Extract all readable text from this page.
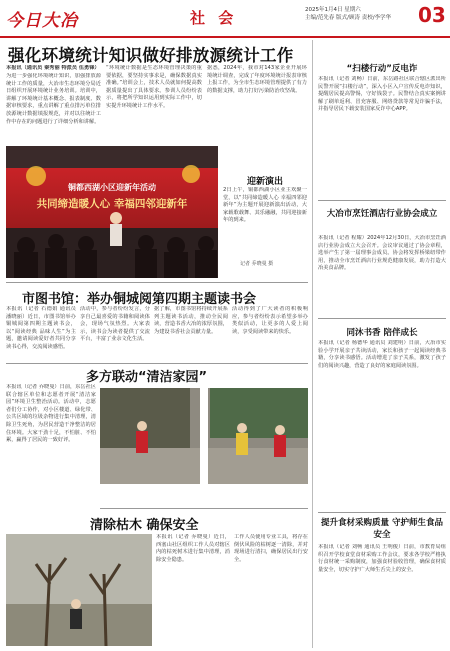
今日大冶	社 会	2025年1月4日 星期六
主编/范先春 版式/顾涛 责校/李学华	03
强化环境统计知识做好排放源统计工作
本报讯（通讯员 秦秀丽 特派员 伍勇锋）
为进一步强化环境统计知识，加强排放源统计工作的质量，大冶市生态环境分局近日组织开展环境统计业务培训。培训中，讲解了环境统计基本概念、报表制度、数据审核要求，重点讲解了重点排污单位排放源统计数据填报规范，并对以往统计工作中存在的问题进行了详细分析和讲解。
“环境统计数据是生态环境管理决策的重要依据，要坚持实事求是，确保数据真实准确。”培训会上，技术人员就如何提高数据质量提出了具体要求。参训人员纷纷表示，将把所学知识运用到实际工作中，切实提升环境统计工作水平。
据悉，2024年，我市对143家企业开展环境统计调查，完成了年度环境统计报表审核上报工作，为全市生态环境管理提供了有力的数据支撑，助力打好污染防治攻坚战。
铜都西湖小区迎新年活动
共同缔造暖人心 幸福四邻迎新年
迎新演出
2日上午，铜都西湖小区业主欢聚一堂，以“共同缔造暖人心 幸福四邻迎新年”为主题开展迎新演出活动，大家载歌载舞、其乐融融，共同迎接新年的到来。
记者 乔晓曼 摄
市图书馆：举办铜城阅第四期主题读书会
本报讯（记者 石德娟 通讯员 潘晓丽）近日，市图书馆举办铜城阅第四期主题读书会，以“阅读经典 品味人生”为主题，邀请阅读爱好者共同分享读书心得，交流阅读感悟。
活动中，参与者纷纷发言，分享自己最喜爱的书籍和阅读体会，现场气氛热烈。大家表示，读书会为读者提供了交流平台，丰富了业余文化生活。
据了解，市图书馆将持续开展系列主题读书活动，推动全民阅读，营造书香大冶的浓厚氛围，为建设书香社会贡献力量。
活动得到了广大读者的积极响应，参与者纷纷表示希望多举办类似活动，让更多的人爱上阅读，享受阅读带来的快乐。
多方联动“清洁家园”
本报讯（记者 乔晓曼）日前，东岳社区联合辖区单位和志愿者开展“清洁家园”环境卫生整治活动。活动中，志愿者们分工协作，对小区楼道、绿化带、公共区域的垃圾杂物进行集中清理，清除卫生死角，为居民营造干净整洁的居住环境。大家干劲十足，不怕脏、不怕累，赢得了居民的一致好评。
清除枯木 确保安全
本报讯（记者 乔晓曼）近日，西塞山社区组织工作人员对辖区内的枯死树木进行集中清理，消除安全隐患。
工作人员使用专业工具，将存在倒伏风险的枯树逐一清除，并对现场进行清扫，确保居民出行安全。
“扫楼行动”反电诈
本报讯（记者 刘畅）日前，东岳路社区联合辖区派出所民警开展“扫楼行动”，深入小区入户宣传反电诈知识，提醒居民提高警惕，守好钱袋子。民警结合真实案例讲解了刷单返利、冒充客服、网络贷款等常见诈骗手法，并指导居民下载安装国家反诈中心APP。
大冶市烹饪酒店行业协会成立
本报讯（记者 程耀）2024年12月30日，大冶市烹饪酒店行业协会成立大会召开。会议审议通过了协会章程，选举产生了第一届理事会成员。协会将发挥桥梁纽带作用，推动全市烹饪酒店行业规范健康发展，助力打造大冶美食品牌。
同沐书香 陪伴成长
本报讯（记者 杨德华 通讯员 刘建明）日前，大冶市实验小学开展亲子共读活动，家长和孩子一起阅读经典书籍，分享读书感悟。活动增进了亲子关系，激发了孩子们的阅读兴趣，营造了良好的家庭阅读氛围。
提升食材采购质量 守护师生食品安全
本报讯（记者 刘畅 通讯员 王明俊）日前，市教育局组织召开学校食堂食材采购工作会议，要求各学校严格执行食材统一采购制度，加强食材验收管理，确保食材质量安全，切实守护广大师生舌尖上的安全。
